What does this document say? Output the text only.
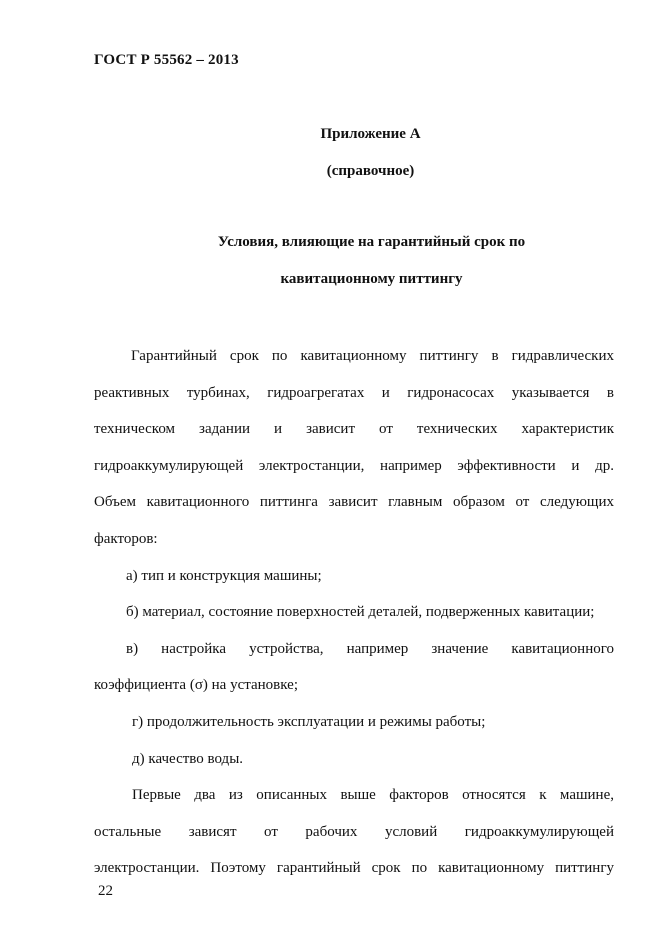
ГОСТ Р 55562 – 2013
Приложение А
(справочное)
Условия, влияющие на гарантийный срок по
кавитационному питтингу
Гарантийный срок по кавитационному питтингу в гидравлических
реактивных турбинах, гидроагрегатах и гидронасосах указывается в
техническом задании и зависит от технических характеристик
гидроаккумулирующей электростанции, например эффективности и др.
Объем кавитационного питтинга зависит главным образом от следующих
факторов:
а) тип и конструкция машины;
б) материал, состояние поверхностей деталей, подверженных кавитации;
в) настройка устройства, например значение кавитационного
коэффициента (σ) на установке;
г) продолжительность эксплуатации и режимы работы;
д) качество воды.
Первые два из описанных выше факторов относятся к машине,
остальные зависят от рабочих условий гидроаккумулирующей
электростанции. Поэтому гарантийный срок по кавитационному питтингу
22
